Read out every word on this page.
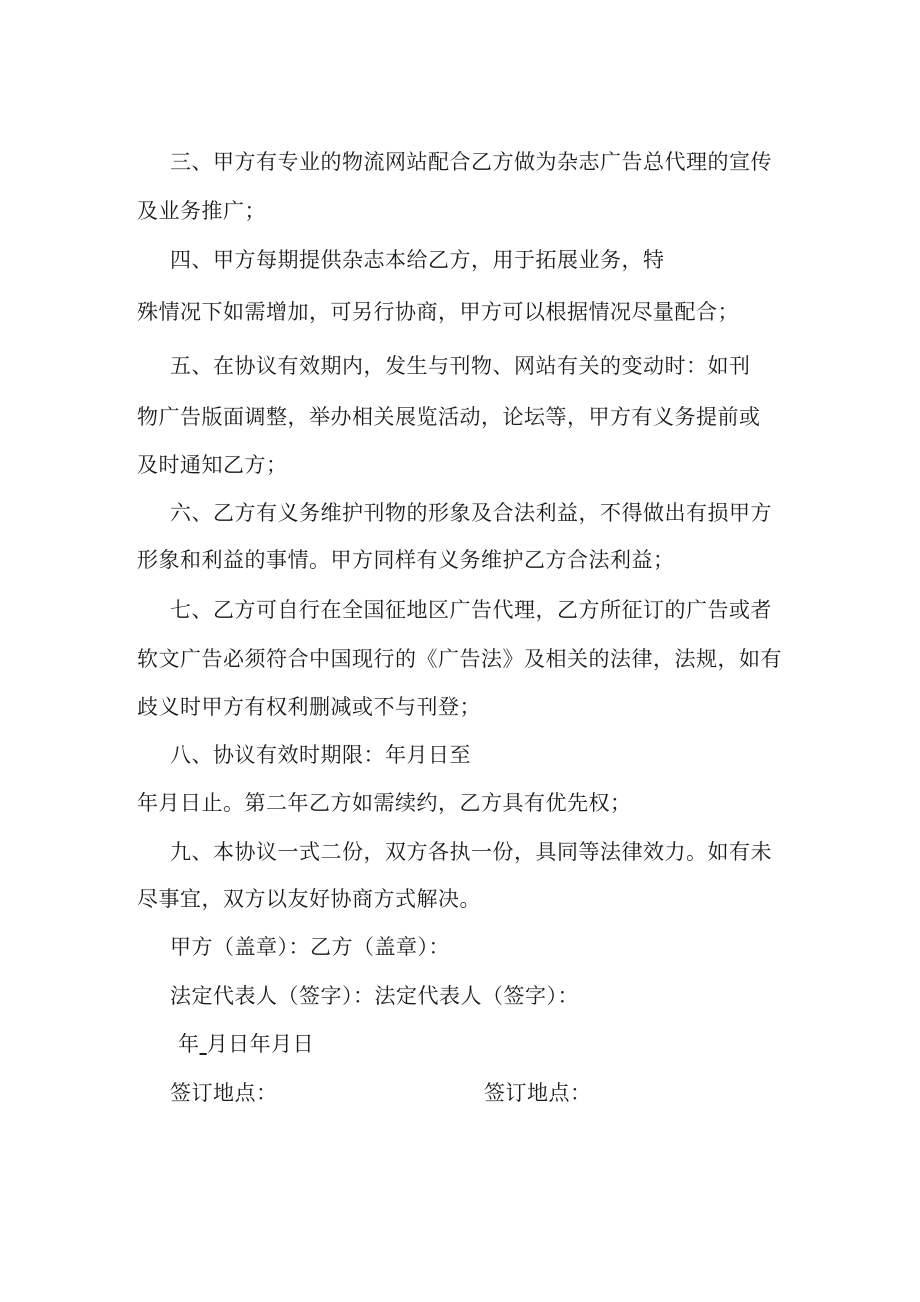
三、甲方有专业的物流网站配合乙方做为杂志广告总代理的宣传

及业务推广；

四、甲方每期提供杂志本给乙方，用于拓展业务，特

殊情况下如需增加，可另行协商，甲方可以根据情况尽量配合；

五、在协议有效期内，发生与刊物、网站有关的变动时：如刊

物广告版面调整，举办相关展览活动，论坛等，甲方有义务提前或

及时通知乙方；

六、乙方有义务维护刊物的形象及合法利益，不得做出有损甲方

形象和利益的事情。甲方同样有义务维护乙方合法利益；

七、乙方可自行在全国征地区广告代理，乙方所征订的广告或者

软文广告必须符合中国现行的《广告法》及相关的法律，法规，如有

歧义时甲方有权利删减或不与刊登；

八、协议有效时期限：年月日至

年月日止。第二年乙方如需续约，乙方具有优先权；

九、本协议一式二份，双方各执一份，具同等法律效力。如有未

尽事宜，双方以友好协商方式解决。

甲方（盖章）：乙方（盖章）：

法定代表人（签字）：法定代表人（签字）：

年 月日年月日

签订地点：	签订地点：
